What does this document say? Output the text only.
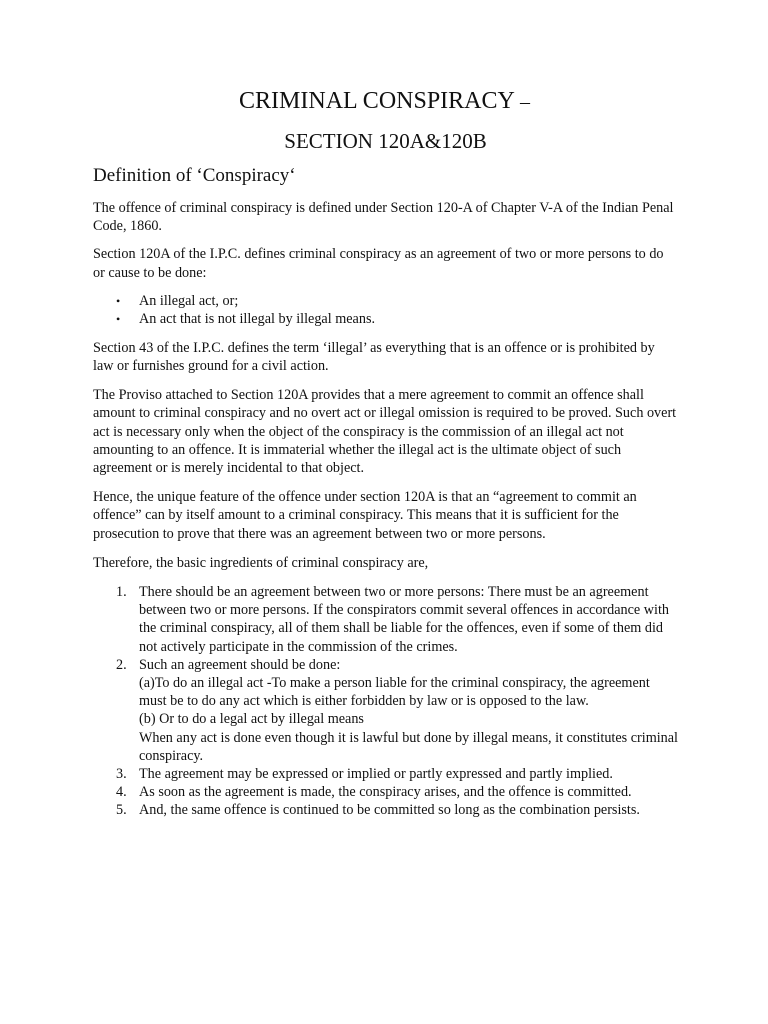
CRIMINAL CONSPIRACY –
SECTION 120A&120B
Definition of ‘Conspiracy‘

The offence of criminal conspiracy is defined under Section 120-A of Chapter V-A of the Indian Penal Code, 1860.

Section 120A of the I.P.C. defines criminal conspiracy as an agreement of two or more persons to do or cause to be done:

• An illegal act, or;
• An act that is not illegal by illegal means.

Section 43 of the I.P.C. defines the term ‘illegal’ as everything that is an offence or is prohibited by law or furnishes ground for a civil action.

The Proviso attached to Section 120A provides that a mere agreement to commit an offence shall amount to criminal conspiracy and no overt act or illegal omission is required to be proved. Such overt act is necessary only when the object of the conspiracy is the commission of an illegal act not amounting to an offence. It is immaterial whether the illegal act is the ultimate object of such agreement or is merely incidental to that object.

Hence, the unique feature of the offence under section 120A is that an “agreement to commit an offence” can by itself amount to a criminal conspiracy. This means that it is sufficient for the prosecution to prove that there was an agreement between two or more persons.

Therefore, the basic ingredients of criminal conspiracy are,

1. There should be an agreement between two or more persons: There must be an agreement between two or more persons. If the conspirators commit several offences in accordance with the criminal conspiracy, all of them shall be liable for the offences, even if some of them did not actively participate in the commission of the crimes.
2. Such an agreement should be done:
(a)To do an illegal act -To make a person liable for the criminal conspiracy, the agreement must be to do any act which is either forbidden by law or is opposed to the law.
(b) Or to do a legal act by illegal means
When any act is done even though it is lawful but done by illegal means, it constitutes criminal conspiracy.
3. The agreement may be expressed or implied or partly expressed and partly implied.
4. As soon as the agreement is made, the conspiracy arises, and the offence is committed.
5. And, the same offence is continued to be committed so long as the combination persists.
